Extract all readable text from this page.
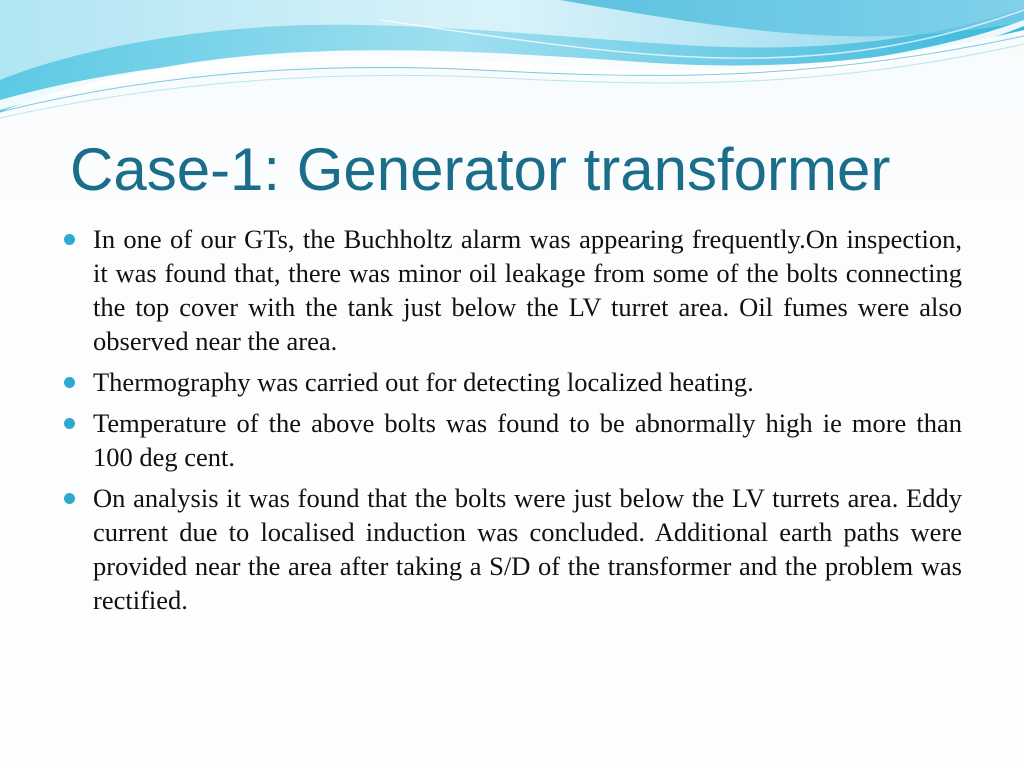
Case-1: Generator transformer
In one of our GTs, the Buchholtz alarm was appearing frequently.On inspection, it was found that, there was minor oil leakage from some of the bolts connecting the top cover with the tank just below the LV turret area. Oil fumes were also observed near the area.
Thermography was carried out for detecting localized heating.
Temperature of the above bolts was found to be abnormally high ie more than 100 deg cent.
On analysis it was found that the bolts were just below the LV turrets area. Eddy current due to localised induction was concluded. Additional earth paths were provided near the area after taking a S/D of the transformer and the problem was rectified.
